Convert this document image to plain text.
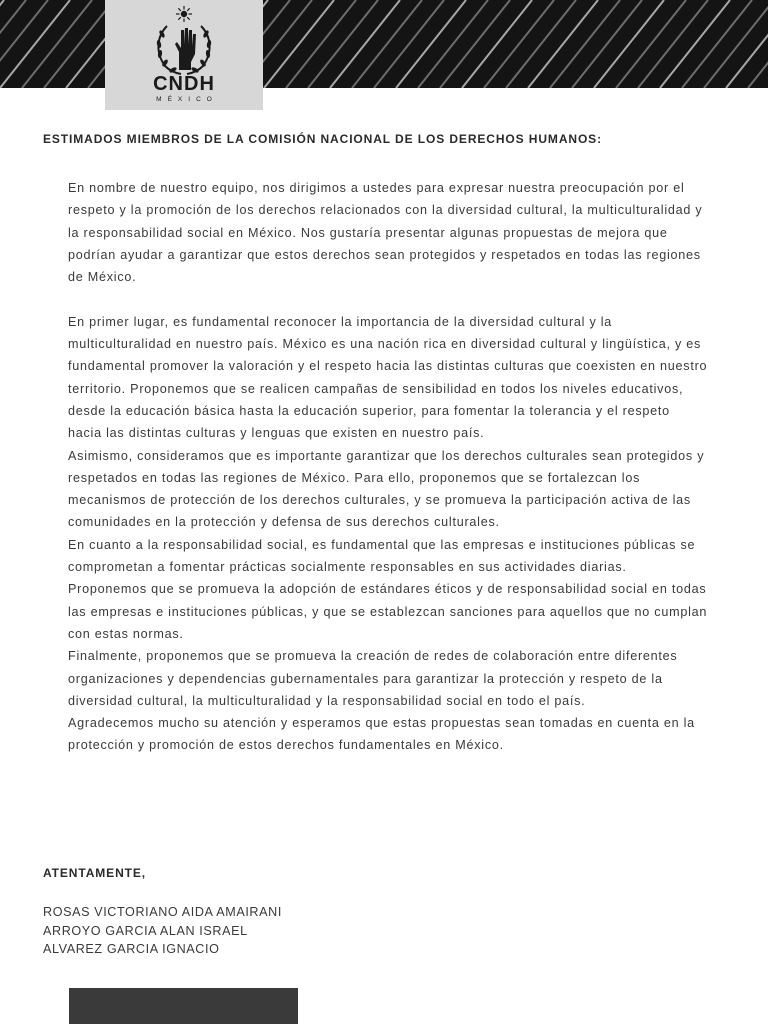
CNDH
MÉXICO
ESTIMADOS MIEMBROS DE LA COMISIÓN NACIONAL DE LOS DERECHOS HUMANOS:

En nombre de nuestro equipo, nos dirigimos a ustedes para expresar nuestra preocupación por el respeto y la promoción de los derechos relacionados con la diversidad cultural, la multiculturalidad y la responsabilidad social en México. Nos gustaría presentar algunas propuestas de mejora que podrían ayudar a garantizar que estos derechos sean protegidos y respetados en todas las regiones de México.

En primer lugar, es fundamental reconocer la importancia de la diversidad cultural y la multiculturalidad en nuestro país. México es una nación rica en diversidad cultural y lingüística, y es fundamental promover la valoración y el respeto hacia las distintas culturas que coexisten en nuestro territorio. Proponemos que se realicen campañas de sensibilidad en todos los niveles educativos, desde la educación básica hasta la educación superior, para fomentar la tolerancia y el respeto hacia las distintas culturas y lenguas que existen en nuestro país.

Asimismo, consideramos que es importante garantizar que los derechos culturales sean protegidos y respetados en todas las regiones de México. Para ello, proponemos que se fortalezcan los mecanismos de protección de los derechos culturales, y se promueva la participación activa de las comunidades en la protección y defensa de sus derechos culturales.

En cuanto a la responsabilidad social, es fundamental que las empresas e instituciones públicas se comprometan a fomentar prácticas socialmente responsables en sus actividades diarias. Proponemos que se promueva la adopción de estándares éticos y de responsabilidad social en todas las empresas e instituciones públicas, y que se establezcan sanciones para aquellos que no cumplan con estas normas.

Finalmente, proponemos que se promueva la creación de redes de colaboración entre diferentes organizaciones y dependencias gubernamentales para garantizar la protección y respeto de la diversidad cultural, la multiculturalidad y la responsabilidad social en todo el país.

Agradecemos mucho su atención y esperamos que estas propuestas sean tomadas en cuenta en la protección y promoción de estos derechos fundamentales en México.

ATENTAMENTE,
ROSAS VICTORIANO AIDA AMAIRANI
ARROYO GARCIA ALAN ISRAEL
ALVAREZ GARCIA IGNACIO
